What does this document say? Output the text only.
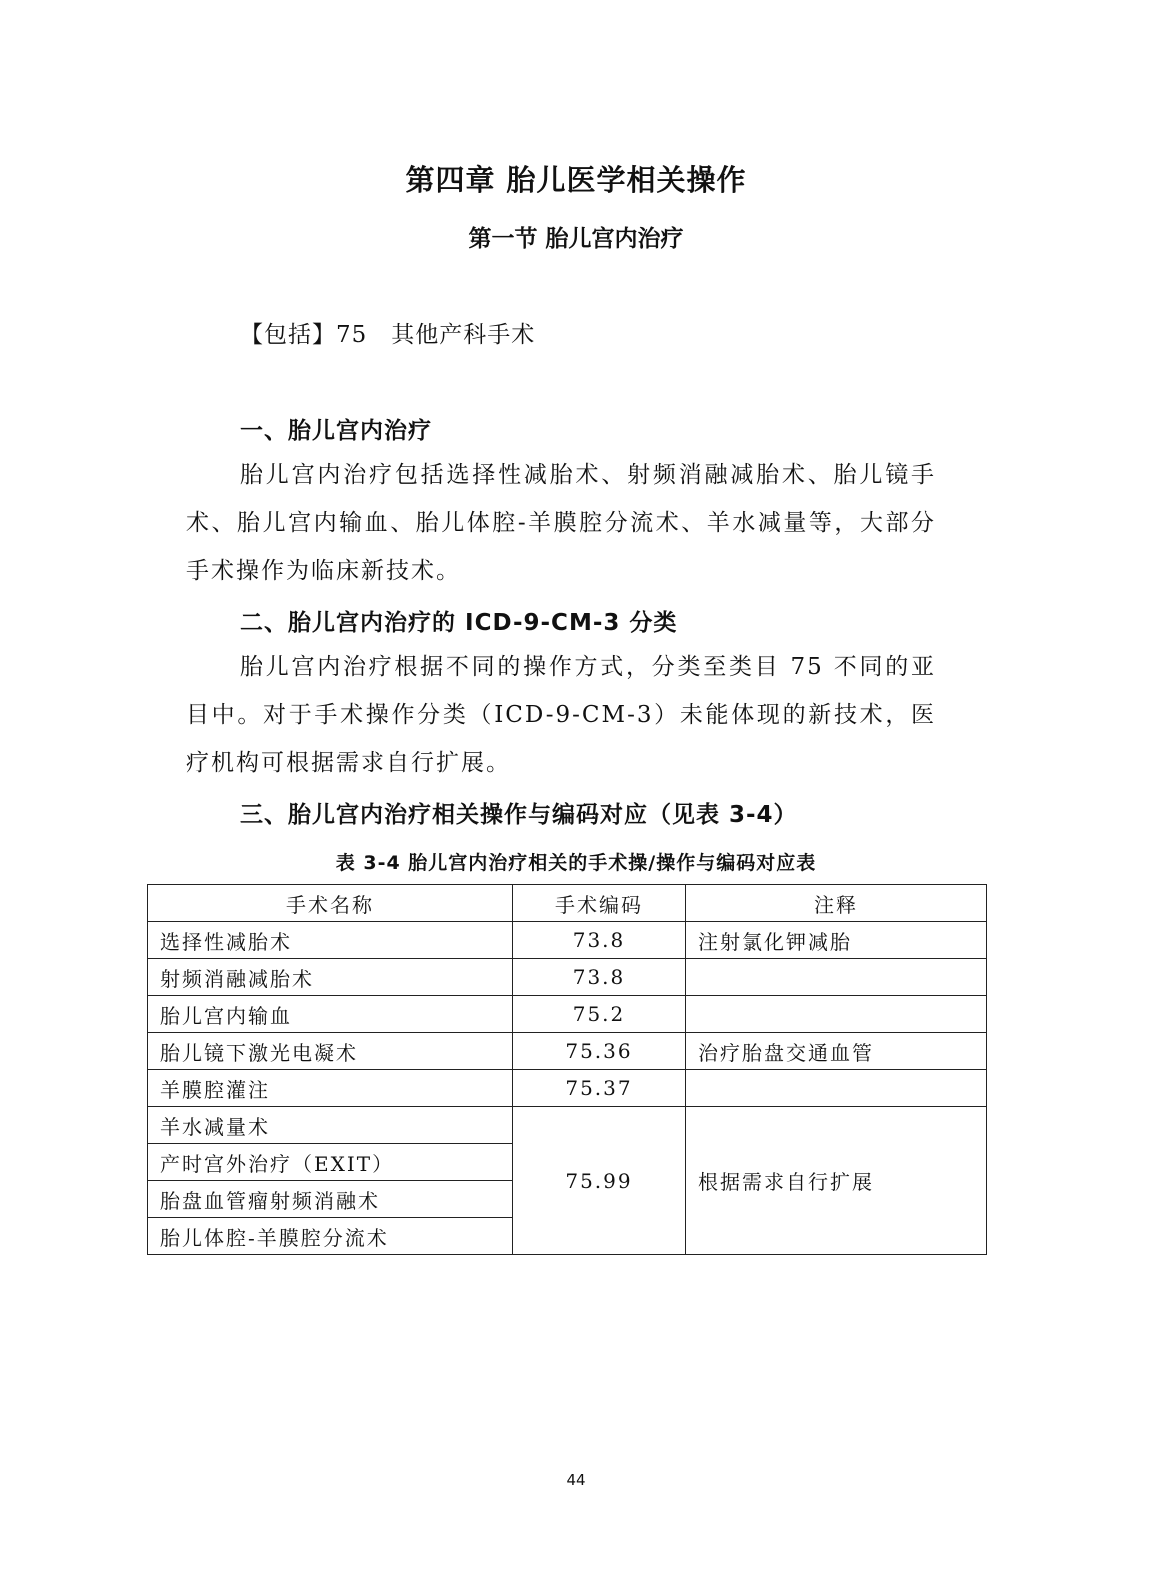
第四章 胎儿医学相关操作
第一节 胎儿宫内治疗
【包括】75　其他产科手术
一、胎儿宫内治疗
胎儿宫内治疗包括选择性减胎术、射频消融减胎术、胎儿镜手术、胎儿宫内输血、胎儿体腔-羊膜腔分流术、羊水减量等，大部分手术操作为临床新技术。
二、胎儿宫内治疗的 ICD-9-CM-3 分类
胎儿宫内治疗根据不同的操作方式，分类至类目 75 不同的亚目中。对于手术操作分类（ICD-9-CM-3）未能体现的新技术，医疗机构可根据需求自行扩展。
三、胎儿宫内治疗相关操作与编码对应（见表 3-4）
表 3-4 胎儿宫内治疗相关的手术操/操作与编码对应表
手术名称	手术编码	注释
选择性减胎术	73.8	注射氯化钾减胎
射频消融减胎术	73.8	
胎儿宫内输血	75.2	
胎儿镜下激光电凝术	75.36	治疗胎盘交通血管
羊膜腔灌注	75.37	
羊水减量术	75.99	根据需求自行扩展
产时宫外治疗（EXIT）		
胎盘血管瘤射频消融术		
胎儿体腔-羊膜腔分流术		
44
